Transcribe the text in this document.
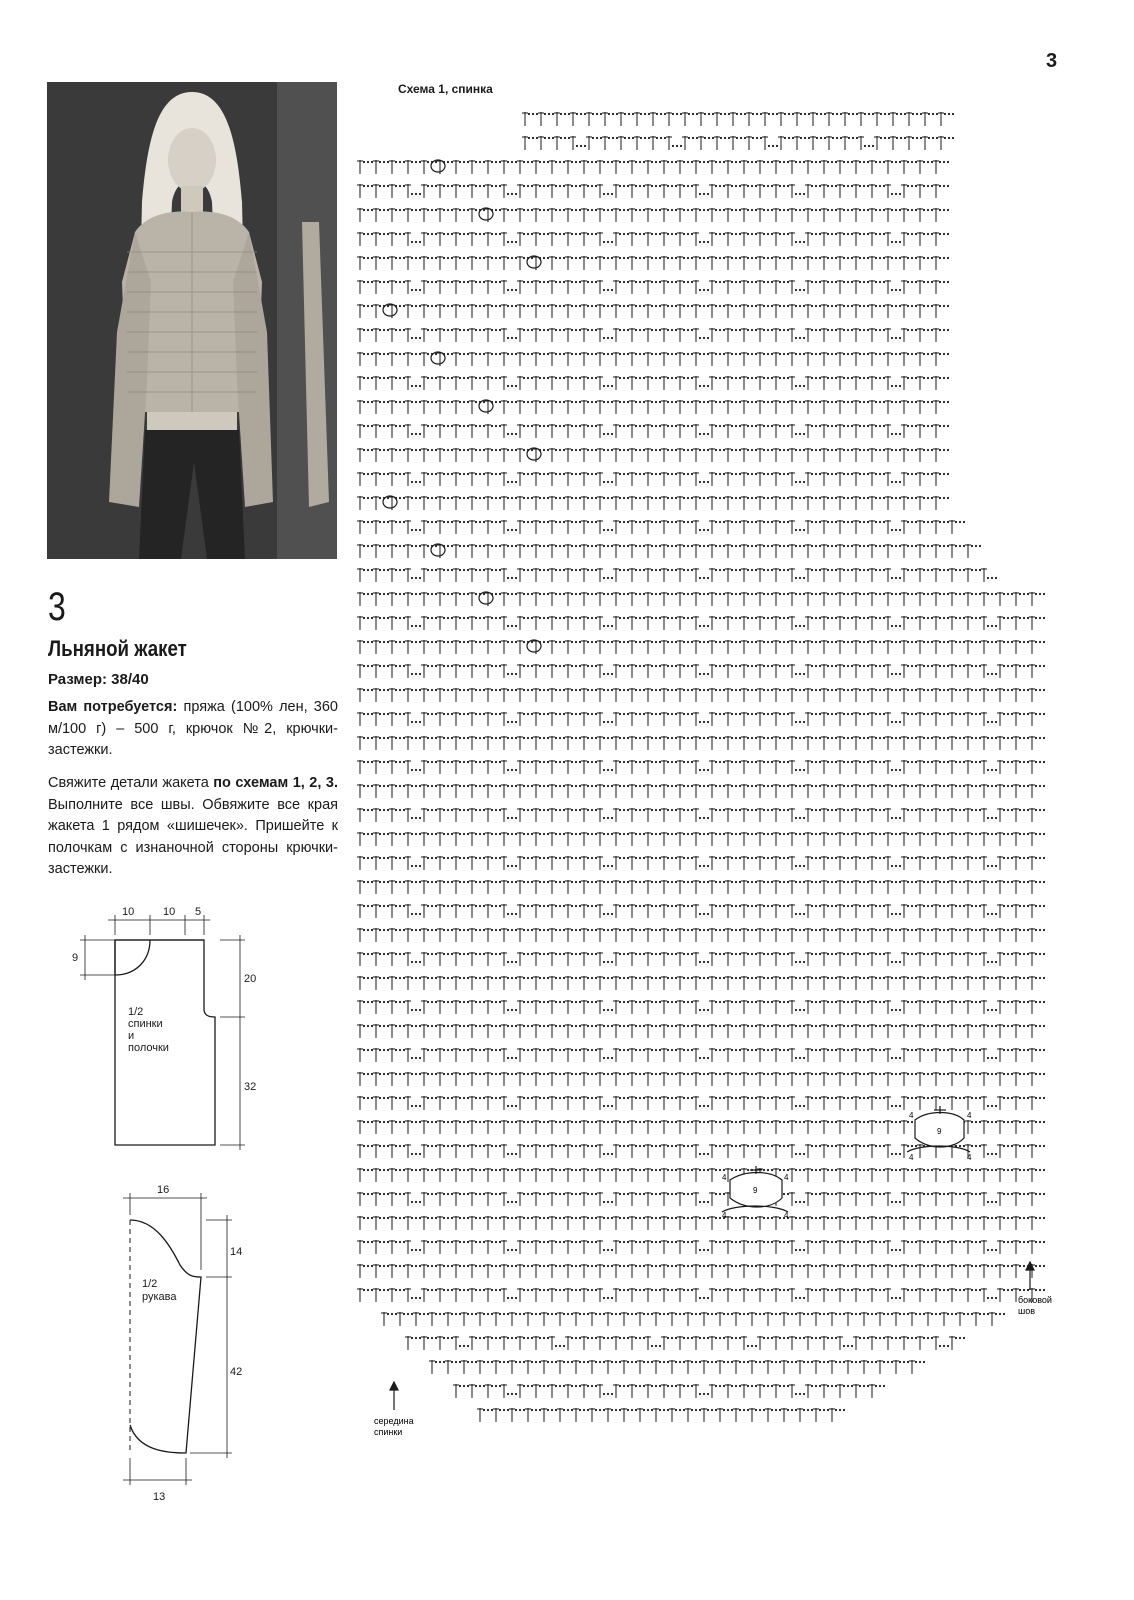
3
3
Льняной жакет
Размер: 38/40
Вам потребуется: пряжа (100% лен, 360 м/100 г) – 500 г, крючок №2, крючки-застежки.
Свяжите детали жакета по схемам 1, 2, 3. Выполните все швы. Обвяжите все края жакета 1 рядом «шишечек». Пришейте к полочкам с изнаночной стороны крючки-застежки.
10	10 5
9
20
32
1/2
спинки
и
полочки
16
14
42
13
1/2
рукава
Схема 1, спинка
9
4	4
4	4
9
4	4
4	4
середина
спинки
боковой
шов
